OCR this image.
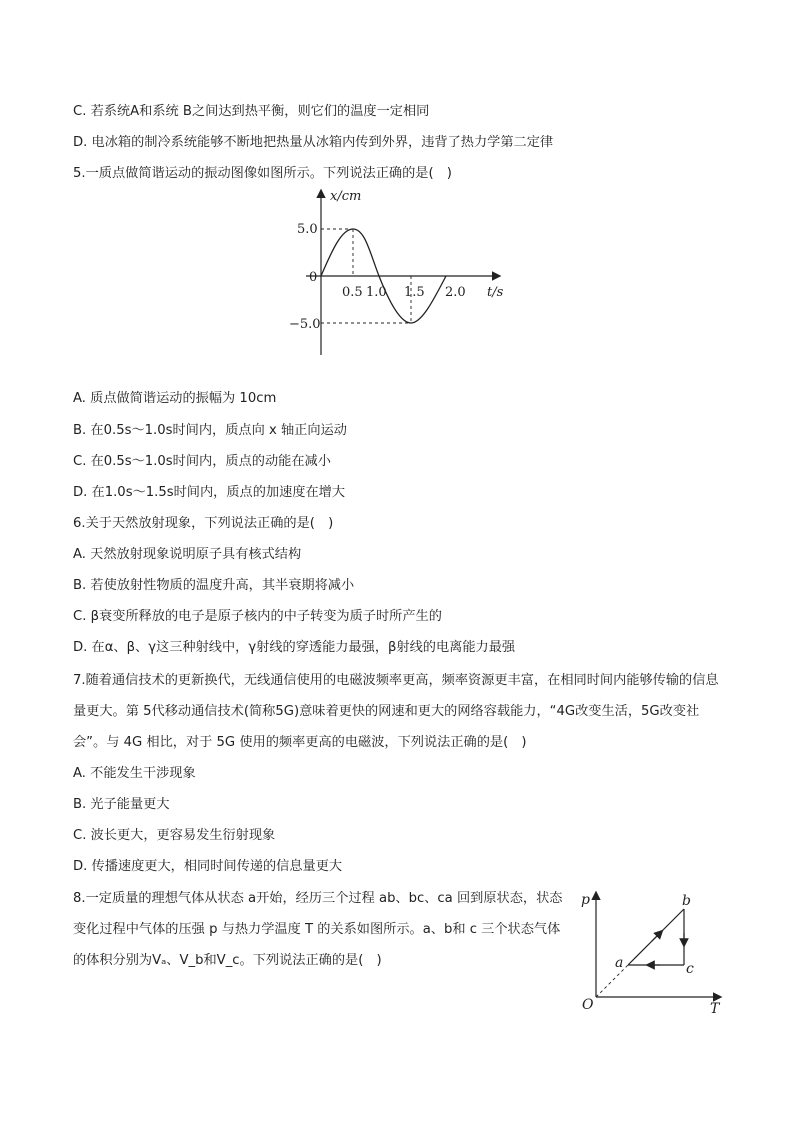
C. 若系统A和系统 B之间达到热平衡，则它们的温度一定相同
D. 电冰箱的制冷系统能够不断地把热量从冰箱内传到外界，违背了热力学第二定律
5.一质点做简谐运动的振动图像如图所示。下列说法正确的是(　)
x/cm
5.0
0
−5.0
0.5 1.0 1.5 2.0 t/s
A. 质点做简谐运动的振幅为 10cm
B. 在0.5s～1.0s时间内，质点向 x 轴正向运动
C. 在0.5s～1.0s时间内，质点的动能在减小
D. 在1.0s～1.5s时间内，质点的加速度在增大
6.关于天然放射现象，下列说法正确的是(　)
A. 天然放射现象说明原子具有核式结构
B. 若使放射性物质的温度升高，其半衰期将减小
C. β衰变所释放的电子是原子核内的中子转变为质子时所产生的
D. 在α、β、γ这三种射线中，γ射线的穿透能力最强，β射线的电离能力最强
7.随着通信技术的更新换代，无线通信使用的电磁波频率更高，频率资源更丰富，在相同时间内能够传输的信息量更大。第 5代移动通信技术(简称5G)意味着更快的网速和更大的网络容载能力，“4G改变生活，5G改变社会”。与 4G 相比，对于 5G 使用的频率更高的电磁波，下列说法正确的是(　)
A. 不能发生干涉现象
B. 光子能量更大
C. 波长更大，更容易发生衍射现象
D. 传播速度更大，相同时间传递的信息量更大
8.一定质量的理想气体从状态 a开始，经历三个过程 ab、bc、ca 回到原状态，状态变化过程中气体的压强 p 与热力学温度 T 的关系如图所示。a、b和 c 三个状态气体的体积分别为Vₐ、V_b和V_c。下列说法正确的是(　)
p
T
O
a
b
c
